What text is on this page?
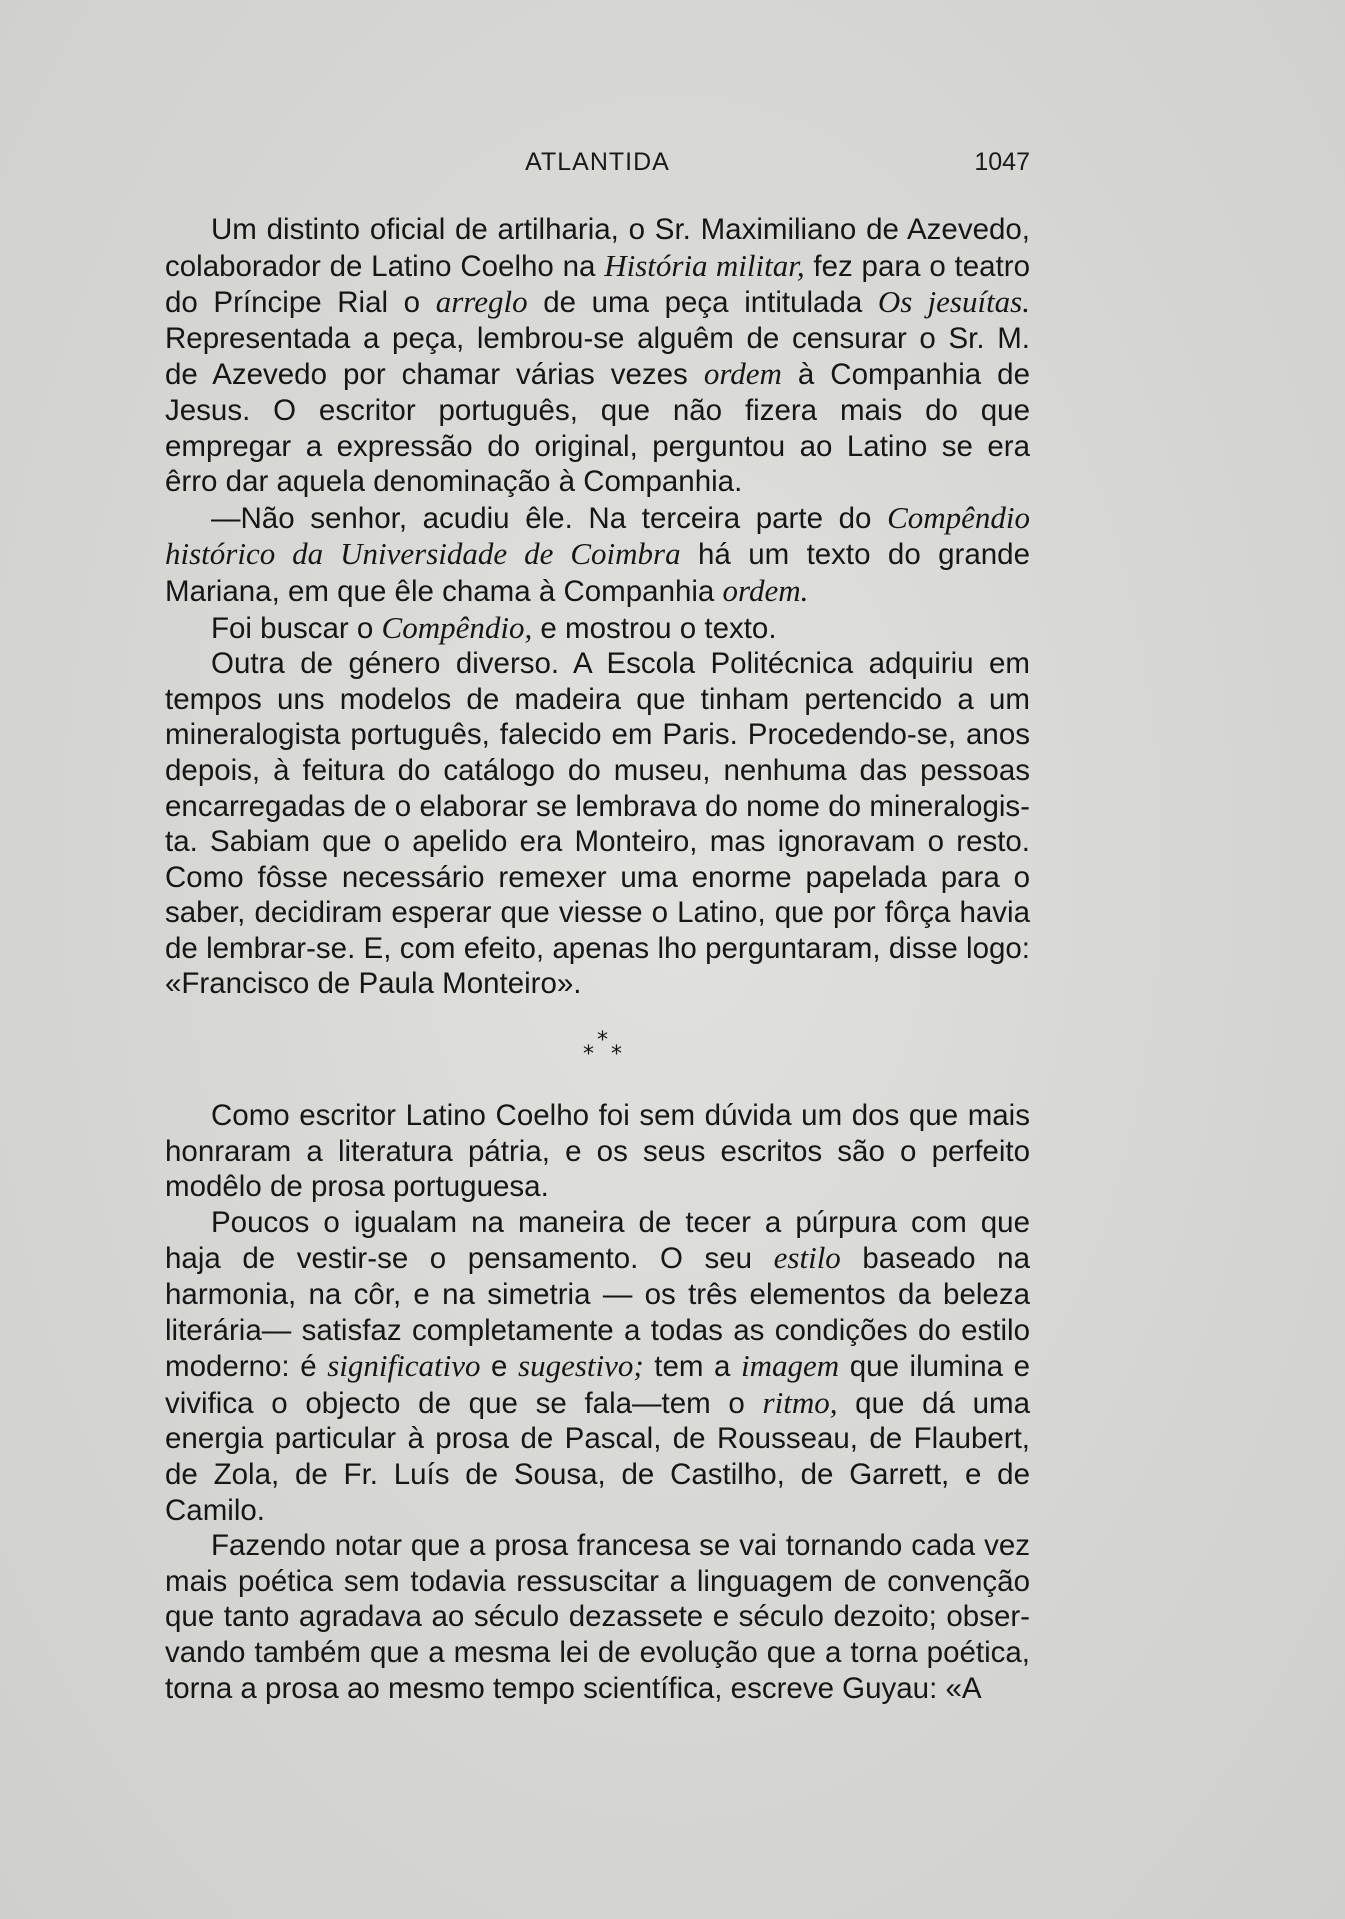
ATLANTIDA	1047

Um distinto oficial de artilharia, o Sr. Maximiliano de Azevedo, colaborador de Latino Coelho na História militar, fez para o teatro do Príncipe Rial o arreglo de uma peça intitulada Os jesuítas. Representada a peça, lembrou-se alguêm de censurar o Sr. M. de Azevedo por chamar várias vezes ordem à Companhia de Jesus. O escritor português, que não fizera mais do que empregar a expressão do original, perguntou ao Latino se era êrro dar aquela denominação à Companhia.

—Não senhor, acudiu êle. Na terceira parte do Compêndio histórico da Universidade de Coimbra há um texto do grande Mariana, em que êle chama à Companhia ordem.

Foi buscar o Compêndio, e mostrou o texto.

Outra de género diverso. A Escola Politécnica adquiriu em tempos uns modelos de madeira que tinham pertencido a um mineralogista português, falecido em Paris. Procedendo-se, anos depois, à feitura do catálogo do museu, nenhuma das pessoas encarregadas de o elaborar se lembrava do nome do mineralogista. Sabiam que o apelido era Monteiro, mas ignoravam o resto. Como fôsse necessário remexer uma enorme papelada para o saber, decidiram esperar que viesse o Latino, que por fôrça havia de lembrar-se. E, com efeito, apenas lho perguntaram, disse logo: «Francisco de Paula Monteiro».

*
* *

Como escritor Latino Coelho foi sem dúvida um dos que mais honraram a literatura pátria, e os seus escritos são o perfeito modêlo de prosa portuguesa.

Poucos o igualam na maneira de tecer a púrpura com que haja de vestir-se o pensamento. O seu estilo baseado na harmonia, na côr, e na simetria — os três elementos da beleza literária— satisfaz completamente a todas as condições do estilo moderno: é significativo e sugestivo; tem a imagem que ilumina e vivifica o objecto de que se fala—tem o ritmo, que dá uma energia particular à prosa de Pascal, de Rousseau, de Flaubert, de Zola, de Fr. Luís de Sousa, de Castilho, de Garrett, e de Camilo.

Fazendo notar que a prosa francesa se vai tornando cada vez mais poética sem todavia ressuscitar a linguagem de convenção que tanto agradava ao século dezassete e século dezoito; observando também que a mesma lei de evolução que a torna poética, torna a prosa ao mesmo tempo scientífica, escreve Guyau: «A
